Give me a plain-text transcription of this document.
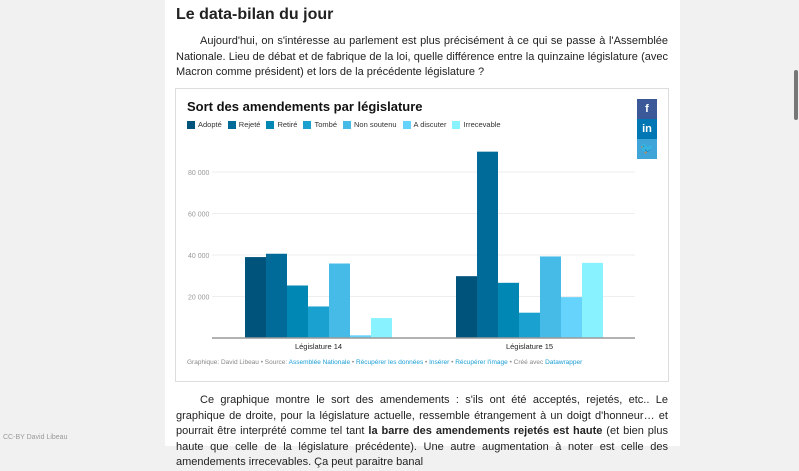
Le data-bilan du jour

Aujourd'hui, on s'intéresse au parlement est plus précisément à ce qui se passe à l'Assemblée Nationale. Lieu de débat et de fabrique de la loi, quelle différence entre la quinzaine législature (avec Macron comme président) et lors de la précédente législature ?

Sort des amendements par législature
Adopté Rejeté Retiré Tombé Non soutenu A discuter Irrecevable
f
in
🐦
20 000
40 000
60 000
80 000
Législature 14	Législature 15
Graphique: David Libeau • Source: Assemblée Nationale • Récupérer les données • Insérer • Récupérer l'image • Créé avec Datawrapper

Ce graphique montre le sort des amendements : s'ils ont été acceptés, rejetés, etc.. Le graphique de droite, pour la législature actuelle, ressemble étrangement à un doigt d'honneur… et pourrait être interprété comme tel tant la barre des amendements rejetés est haute (et bien plus haute que celle de la législature précédente). Une autre augmentation à noter est celle des amendements irrecevables. Ça peut paraitre banal

CC-BY David Libeau
